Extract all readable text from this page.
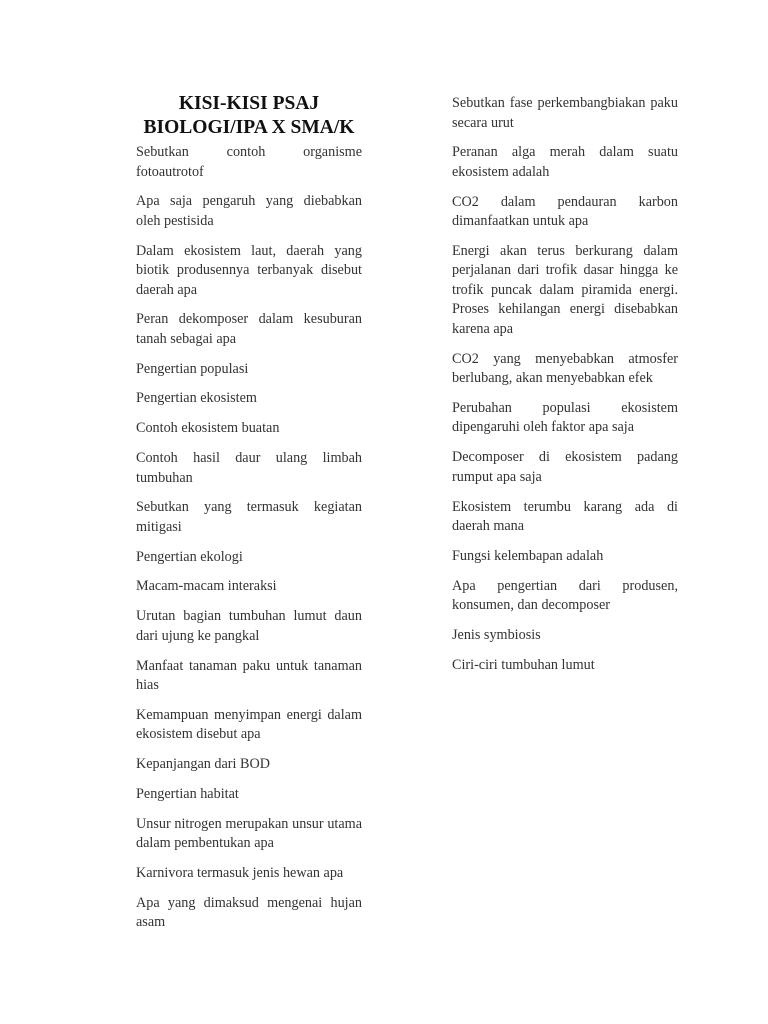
KISI-KISI PSAJ
BIOLOGI/IPA X SMA/K

Sebutkan contoh organisme fotoautrotof

Apa saja pengaruh yang diebabkan oleh pestisida

Dalam ekosistem laut, daerah yang biotik produsennya terbanyak disebut daerah apa

Peran dekomposer dalam kesuburan tanah sebagai apa

Pengertian populasi

Pengertian ekosistem

Contoh ekosistem buatan

Contoh hasil daur ulang limbah tumbuhan

Sebutkan yang termasuk kegiatan mitigasi

Pengertian ekologi

Macam-macam interaksi

Urutan bagian tumbuhan lumut daun dari ujung ke pangkal

Manfaat tanaman paku untuk tanaman hias

Kemampuan menyimpan energi dalam ekosistem disebut apa

Kepanjangan dari BOD

Pengertian habitat

Unsur nitrogen merupakan unsur utama dalam pembentukan apa

Karnivora termasuk jenis hewan apa

Apa yang dimaksud mengenai hujan asam

Sebutkan fase perkembangbiakan paku secara urut

Peranan alga merah dalam suatu ekosistem adalah

CO2 dalam pendauran karbon dimanfaatkan untuk apa

Energi akan terus berkurang dalam perjalanan dari trofik dasar hingga ke trofik puncak dalam piramida energi. Proses kehilangan energi disebabkan karena apa

CO2 yang menyebabkan atmosfer berlubang, akan menyebabkan efek

Perubahan populasi ekosistem dipengaruhi oleh faktor apa saja

Decomposer di ekosistem padang rumput apa saja

Ekosistem terumbu karang ada di daerah mana

Fungsi kelembapan adalah

Apa pengertian dari produsen, konsumen, dan decomposer

Jenis symbiosis

Ciri-ciri tumbuhan lumut
